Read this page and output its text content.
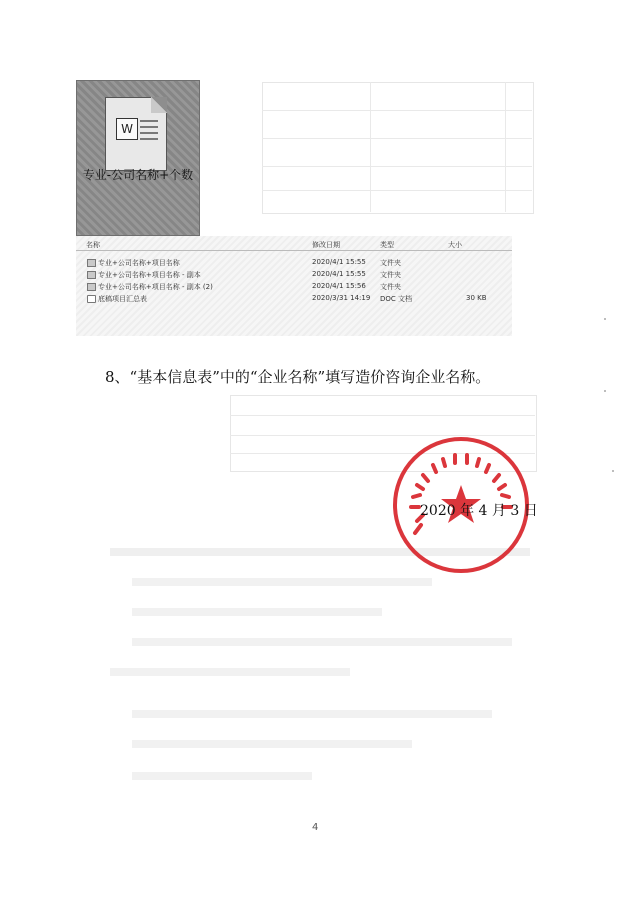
W
专业-公司名称+个数
名称	修改日期	类型	大小
专业+公司名称+项目名称	2020/4/1 15:55 文件夹
专业+公司名称+项目名称 - 副本	2020/4/1 15:55 文件夹
专业+公司名称+项目名称 - 副本 (2)	2020/4/1 15:56 文件夹
底稿项目汇总表	2020/3/31 14:19 DOC 文档	30 KB
8、“基本信息表”中的“企业名称”填写造价咨询企业名称。
2020 年 4 月 3 日
4
